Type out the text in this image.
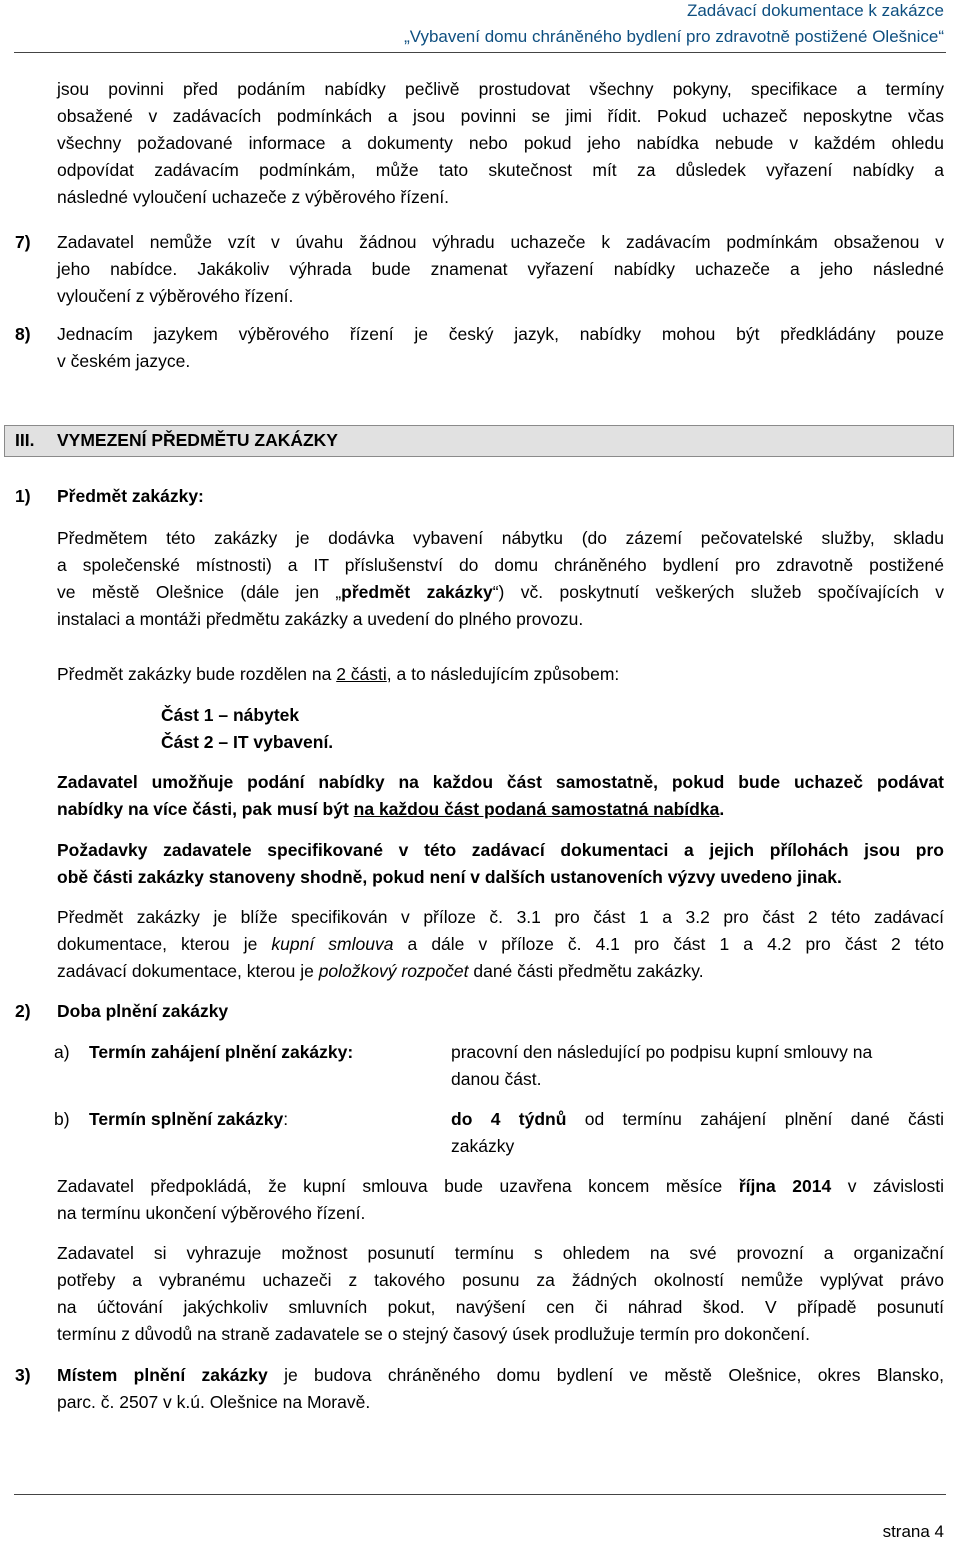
Zadávací dokumentace k zakázce
„Vybavení domu chráněného bydlení pro zdravotně postižené Olešnice“
jsou povinni před podáním nabídky pečlivě prostudovat všechny pokyny, specifikace a termíny
obsažené v zadávacích podmínkách a jsou povinni se jimi řídit. Pokud uchazeč neposkytne včas
všechny požadované informace a dokumenty nebo pokud jeho nabídka nebude v každém ohledu
odpovídat zadávacím podmínkám, může tato skutečnost mít za důsledek vyřazení nabídky a
následné vyloučení uchazeče z výběrového řízení.
7) Zadavatel nemůže vzít v úvahu žádnou výhradu uchazeče k zadávacím podmínkám obsaženou v
jeho nabídce. Jakákoliv výhrada bude znamenat vyřazení nabídky uchazeče a jeho následné
vyloučení z výběrového řízení.
8) Jednacím jazykem výběrového řízení je český jazyk, nabídky mohou být předkládány pouze
v českém jazyce.
III. VYMEZENÍ PŘEDMĚTU ZAKÁZKY
1) Předmět zakázky:
Předmětem této zakázky je dodávka vybavení nábytku (do zázemí pečovatelské služby, skladu
a společenské místnosti) a IT příslušenství do domu chráněného bydlení pro zdravotně postižené
ve městě Olešnice (dále jen „předmět zakázky“) vč. poskytnutí veškerých služeb spočívajících v
instalaci a montáži předmětu zakázky a uvedení do plného provozu.
Předmět zakázky bude rozdělen na 2 části, a to následujícím způsobem:
Část 1 – nábytek
Část 2 – IT vybavení.
Zadavatel umožňuje podání nabídky na každou část samostatně, pokud bude uchazeč podávat
nabídky na více části, pak musí být na každou část podaná samostatná nabídka.
Požadavky zadavatele specifikované v této zadávací dokumentaci a jejich přílohách jsou pro
obě části zakázky stanoveny shodně, pokud není v dalších ustanoveních výzvy uvedeno jinak.
Předmět zakázky je blíže specifikován v příloze č. 3.1 pro část 1 a 3.2 pro část 2 této zadávací
dokumentace, kterou je kupní smlouva a dále v příloze č. 4.1 pro část 1 a 4.2 pro část 2 této
zadávací dokumentace, kterou je položkový rozpočet dané části předmětu zakázky.
2) Doba plnění zakázky
a) Termín zahájení plnění zakázky:	pracovní den následující po podpisu kupní smlouvy na
danou část.
b) Termín splnění zakázky:	do 4 týdnů od termínu zahájení plnění dané části
zakázky
Zadavatel předpokládá, že kupní smlouva bude uzavřena koncem měsíce října 2014 v závislosti
na termínu ukončení výběrového řízení.
Zadavatel si vyhrazuje možnost posunutí termínu s ohledem na své provozní a organizační
potřeby a vybranému uchazeči z takového posunu za žádných okolností nemůže vyplývat právo
na účtování jakýchkoliv smluvních pokut, navýšení cen či náhrad škod. V případě posunutí
termínu z důvodů na straně zadavatele se o stejný časový úsek prodlužuje termín pro dokončení.
3) Místem plnění zakázky je budova chráněného domu bydlení ve městě Olešnice, okres Blansko,
parc. č. 2507 v k.ú. Olešnice na Moravě.
strana 4
